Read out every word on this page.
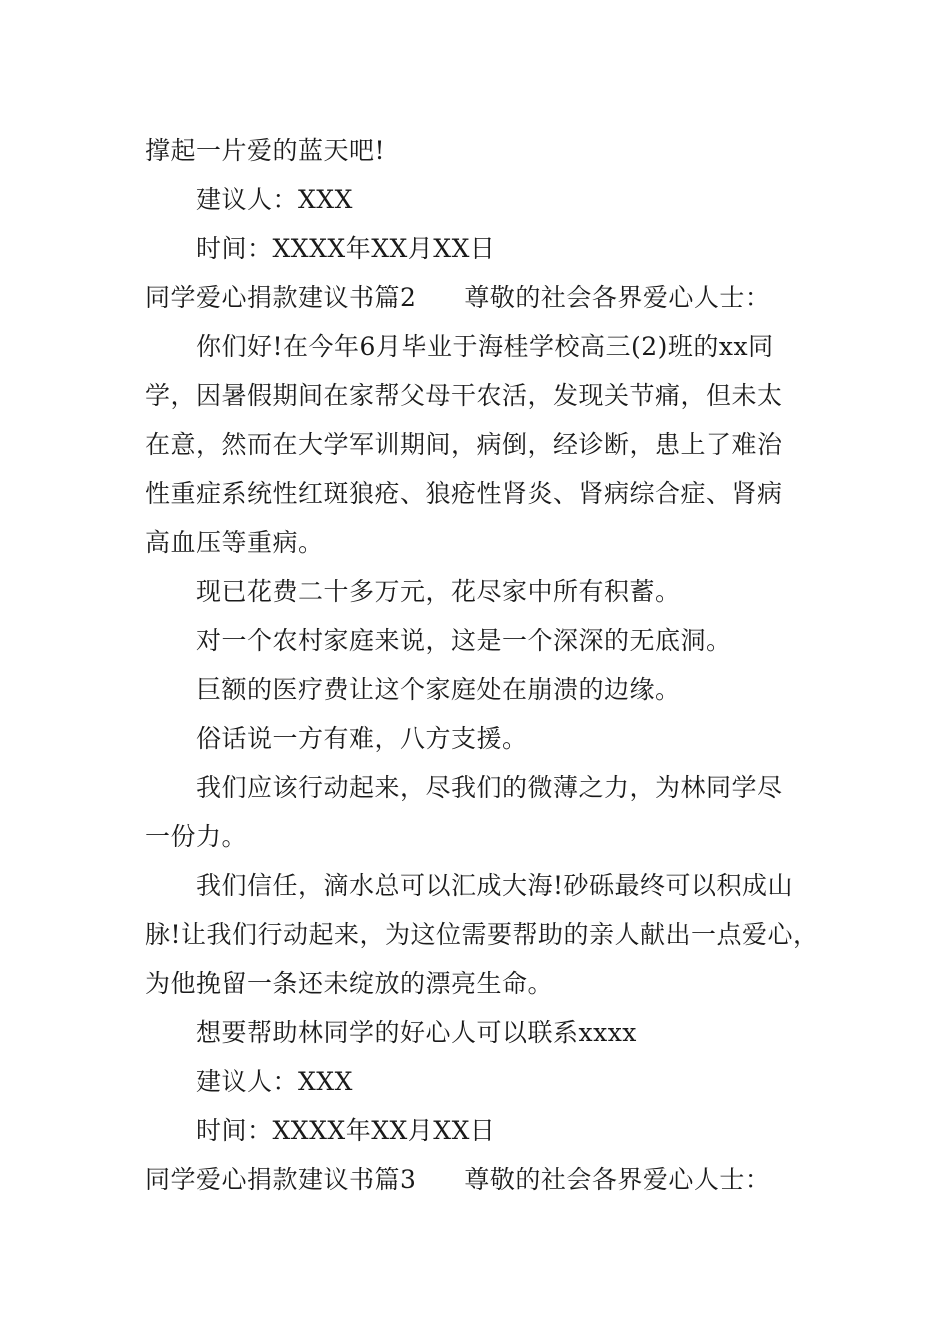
撑起一片爱的蓝天吧!
建议人：XXX
时间：XXXX年XX月XX日
同学爱心捐款建议书篇2 尊敬的社会各界爱心人士：
你们好!在今年6月毕业于海桂学校高三(2)班的xx同
学，因暑假期间在家帮父母干农活，发现关节痛，但未太
在意，然而在大学军训期间，病倒，经诊断，患上了难治
性重症系统性红斑狼疮、狼疮性肾炎、肾病综合症、肾病
高血压等重病。
现已花费二十多万元，花尽家中所有积蓄。
对一个农村家庭来说，这是一个深深的无底洞。
巨额的医疗费让这个家庭处在崩溃的边缘。
俗话说一方有难，八方支援。
我们应该行动起来，尽我们的微薄之力，为林同学尽
一份力。
我们信任，滴水总可以汇成大海!砂砾最终可以积成山
脉!让我们行动起来，为这位需要帮助的亲人献出一点爱心，
为他挽留一条还未绽放的漂亮生命。
想要帮助林同学的好心人可以联系xxxx
建议人：XXX
时间：XXXX年XX月XX日
同学爱心捐款建议书篇3 尊敬的社会各界爱心人士：
